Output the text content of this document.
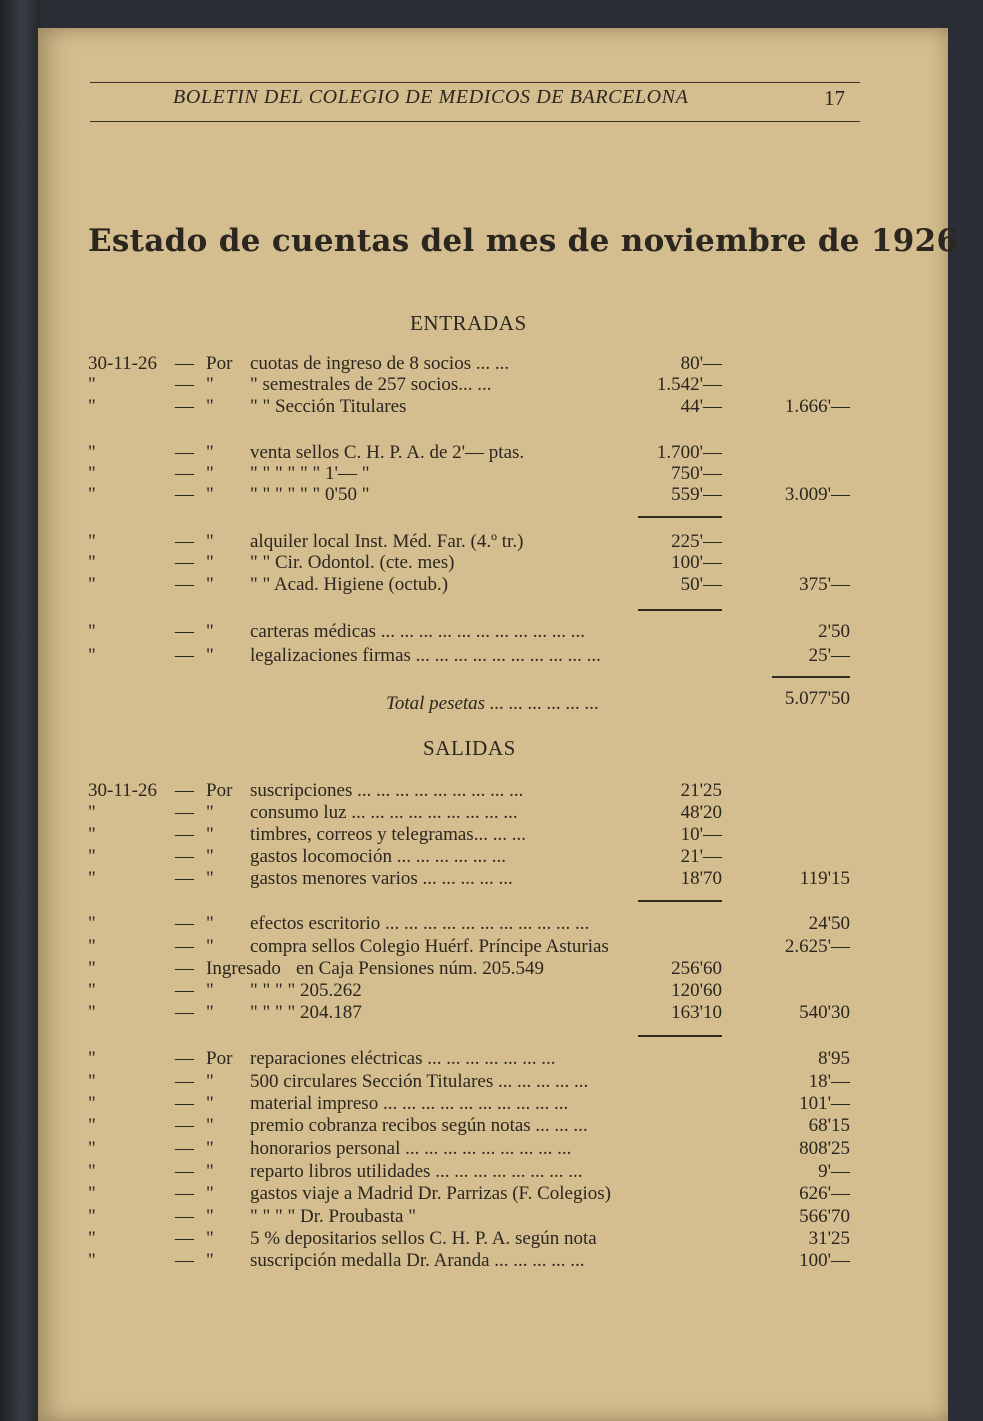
BOLETIN DEL COLEGIO DE MEDICOS DE BARCELONA	17
Estado de cuentas del mes de noviembre de 1926
ENTRADAS
30-11-26 — Por cuotas de ingreso de 8 socios ... ...	80'—
"	— " " semestrales de 257 socios... ...	1.542'—
"	— " " " Sección Titulares	44'—	1.666'—
"	— " venta sellos C. H. P. A. de 2'— ptas.	1.700'—
"	— " " " " " " " 1'— "	750'—
"	— " " " " " " " 0'50 "	559'—	3.009'—
"	— " alquiler local Inst. Méd. Far. (4.º tr.)	225'—
"	— " " " Cir. Odontol. (cte. mes)	100'—
"	— " " " Acad. Higiene (octub.)	50'—	375'—
"	— " carteras médicas ... ... ... ... ... ... ... ... ... ... ...	2'50
"	— " legalizaciones firmas ... ... ... ... ... ... ... ... ... ...	25'—
Total pesetas ... ... ... ... ... ...	5.077'50
SALIDAS
30-11-26 — Por suscripciones ... ... ... ... ... ... ... ... ...	21'25
"	— " consumo luz ... ... ... ... ... ... ... ... ...	48'20
"	— " timbres, correos y telegramas... ... ...	10'—
"	— " gastos locomoción ... ... ... ... ... ...	21'—
"	— " gastos menores varios ... ... ... ... ...	18'70	119'15
"	— " efectos escritorio ... ... ... ... ... ... ... ... ... ... ...	24'50
"	— " compra sellos Colegio Huérf. Príncipe Asturias	2.625'—
"	— Ingresado en Caja Pensiones núm. 205.549	256'60
"	— " " " " " 205.262	120'60
"	— " " " " " 204.187	163'10	540'30
"	— Por reparaciones eléctricas ... ... ... ... ... ... ...	8'95
"	— " 500 circulares Sección Titulares ... ... ... ... ...	18'—
"	— " material impreso ... ... ... ... ... ... ... ... ... ...	101'—
"	— " premio cobranza recibos según notas ... ... ...	68'15
"	— " honorarios personal ... ... ... ... ... ... ... ... ...	808'25
"	— " reparto libros utilidades ... ... ... ... ... ... ... ...	9'—
"	— " gastos viaje a Madrid Dr. Parrizas (F. Colegios)	626'—
"	— " " " " " Dr. Proubasta "	566'70
"	— " 5 % depositarios sellos C. H. P. A. según nota	31'25
"	— " suscripción medalla Dr. Aranda ... ... ... ... ...	100'—
